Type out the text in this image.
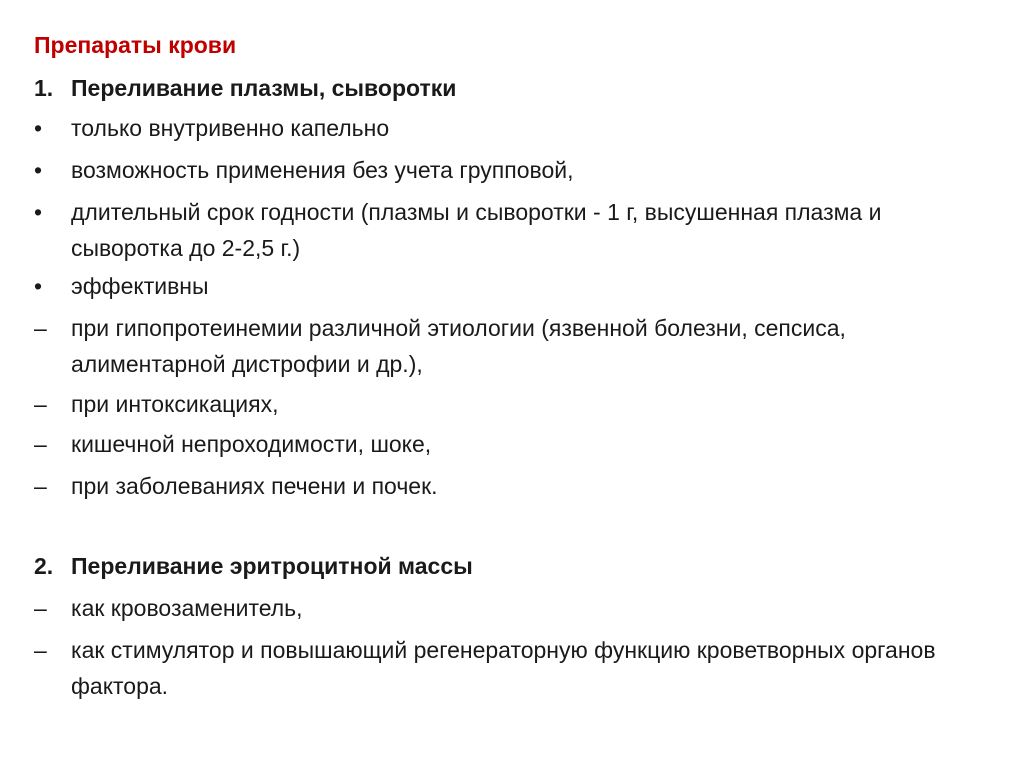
Препараты крови
1. Переливание плазмы, сыворотки
• только внутривенно капельно
• возможность применения без учета групповой,
• длительный срок годности (плазмы и сыворотки - 1 г, высушенная плазма и сыворотка до 2-2,5 г.)
• эффективны
– при гипопротеинемии различной этиологии (язвенной болезни, сепсиса, алиментарной дистрофии и др.),
– при интоксикациях,
– кишечной непроходимости, шоке,
– при заболеваниях печени и почек.
2. Переливание эритроцитной массы
– как кровозаменитель,
– как стимулятор и повышающий регенераторную функцию кроветворных органов фактора.
